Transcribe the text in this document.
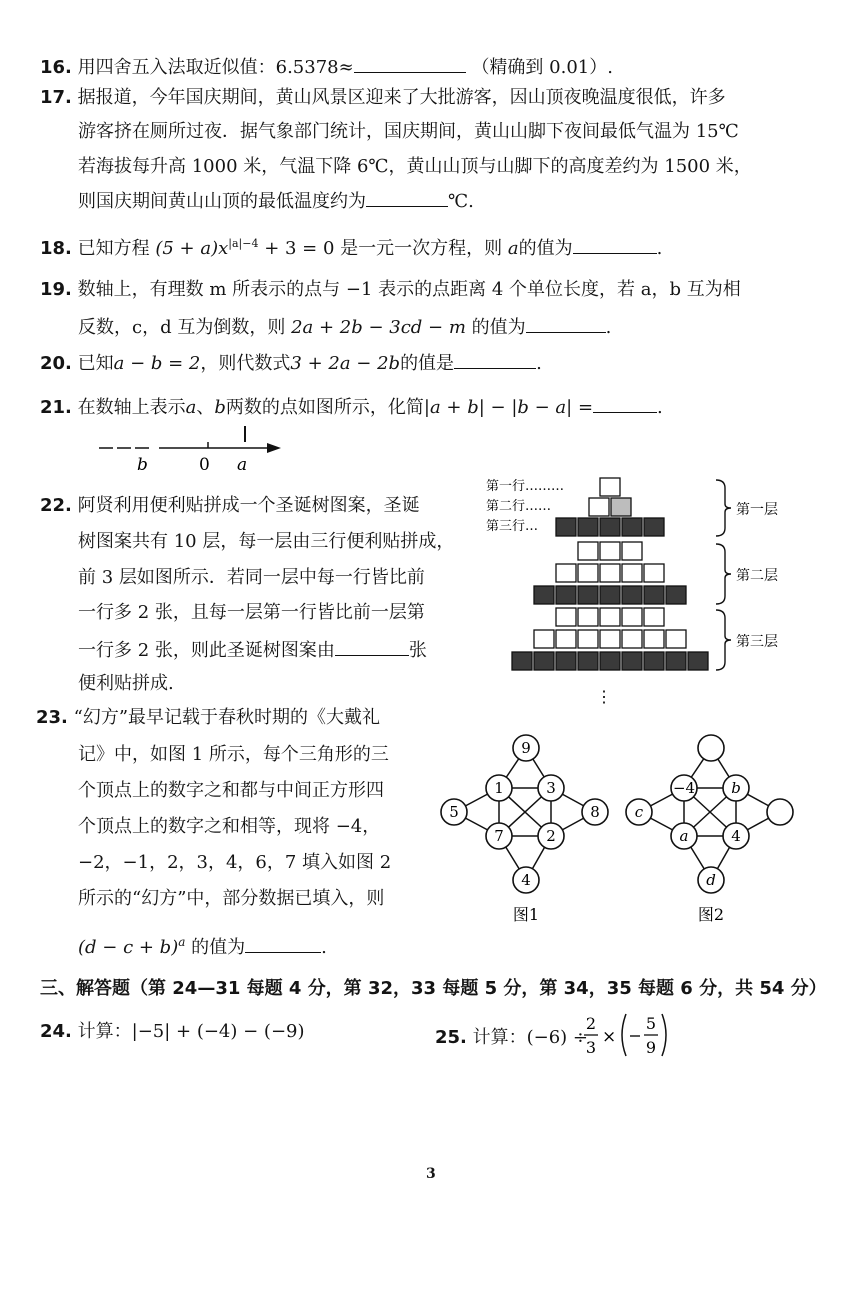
16. 用四舍五入法取近似值：6.5378≈	（精确到 0.01）.
17. 据报道，今年国庆期间，黄山风景区迎来了大批游客，因山顶夜晚温度很低，许多
游客挤在厕所过夜．据气象部门统计，国庆期间，黄山山脚下夜间最低气温为 15℃
若海拔每升高 1000 米，气温下降 6℃，黄山山顶与山脚下的高度差约为 1500 米，
则国庆期间黄山山顶的最低温度约为	℃.
18. 已知方程 $(5 + a)x^{|a|-4} + 3 = 0$ 是一元一次方程，则 a的值为	.
19. 数轴上，有理数 m 所表示的点与 −1 表示的点距离 4 个单位长度，若 a，b 互为相
反数，c，d 互为倒数，则 2a + 2b − 3cd − m 的值为	.
20. 已知a − b = 2，则代数式3 + 2a − 2b的值是	.
21. 在数轴上表示a、b两数的点如图所示，化简|a + b| − |b − a| =	.
b	0 a
22. 阿贤利用便利贴拼成一个圣诞树图案，圣诞
树图案共有 10 层，每一层由三行便利贴拼成，
前 3 层如图所示．若同一层中每一行皆比前
一行多 2 张，且每一层第一行皆比前一层第
一行多 2 张，则此圣诞树图案由	张
便利贴拼成.
第一行………
第二行……
第三行…
第一层
第二层
第三层
⋮
23. “幻方”最早记载于春秋时期的《大戴礼
记》中，如图 1 所示，每个三角形的三
个顶点上的数字之和都与中间正方形四
个顶点上的数字之和相等，现将 −4，
−2，−1，2，3，4，6，7 填入如图 2
所示的“幻方”中，部分数据已填入，则
$(d - c + b)^a$ 的值为	.
9
1	3
5	8
7	2
4
图1
−4 b
c
a	4
d
图2
三、解答题（第 24—31 每题 4 分，第 32，33 每题 5 分，第 34，35 每题 6 分，共 54 分）
24. 计算：|−5| + (−4) − (−9)	25. 计算：(−6) ÷
2
3
×
5
9
3
